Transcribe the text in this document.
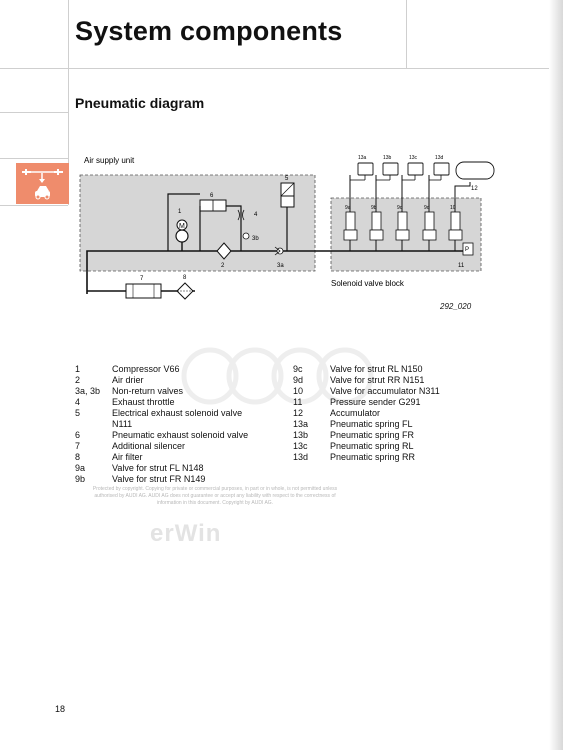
System components
Pneumatic diagram
Air supply unit
M
1
6
4
5
3b
2	3a
7	8
9a	9b	9c	9d	10
P
11
13a	13b	13c	13d
12
Solenoid valve block
292_020
1	Compressor V66
2	Air drier
3a, 3b Non-return valves
4	Exhaust throttle
5	Electrical exhaust solenoid valve
N111
6	Pneumatic exhaust solenoid valve
7	Additional silencer
8	Air filter
9a	Valve for strut FL N148
9b	Valve for strut FR N149
9c	Valve for strut RL N150
9d	Valve for strut RR N151
10	Valve for accumulator N311
11	Pressure sender G291
12	Accumulator
13a Pneumatic spring FL
13b Pneumatic spring FR
13c Pneumatic spring RL
13d Pneumatic spring RR
Protected by copyright. Copying for private or commercial purposes, in part or in whole, is not permitted unless authorised by AUDI AG. AUDI AG does not guarantee or accept any liability with respect to the correctness of information in this document. Copyright by AUDI AG.
erWin
18
